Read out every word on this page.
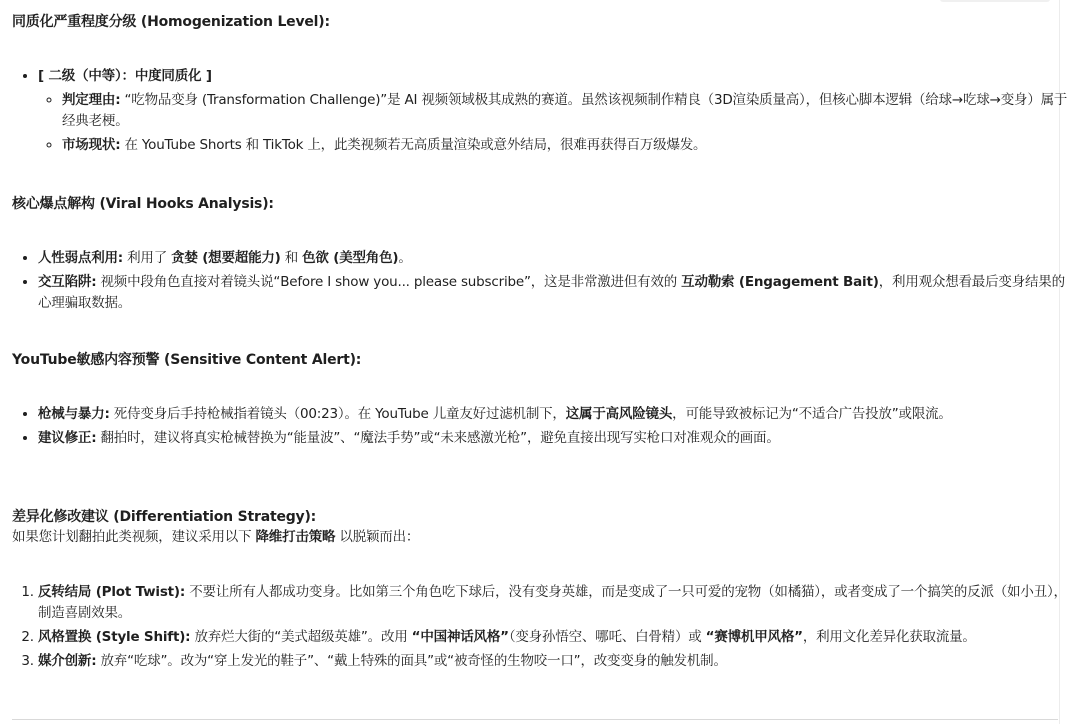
同质化严重程度分级 (Homogenization Level):
• [ 二级（中等）：中度同质化 ]
◦ 判定理由: “吃物品变身 (Transformation Challenge)”是 AI 视频领域极其成熟的赛道。虽然该视频制作精良（3D渲染质量高），但核心脚本逻辑（给球→吃球→变身）属于经典老梗。
◦ 市场现状: 在 YouTube Shorts 和 TikTok 上，此类视频若无高质量渲染或意外结局，很难再获得百万级爆发。
核心爆点解构 (Viral Hooks Analysis):
• 人性弱点利用: 利用了 贪婪 (想要超能力) 和 色欲 (美型角色)。
• 交互陷阱: 视频中段角色直接对着镜头说“Before I show you... please subscribe”，这是非常激进但有效的 互动勒索 (Engagement Bait)，利用观众想看最后变身结果的心理骗取数据。
YouTube敏感内容预警 (Sensitive Content Alert):
• 枪械与暴力: 死侍变身后手持枪械指着镜头（00:23）。在 YouTube 儿童友好过滤机制下，这属于高风险镜头，可能导致被标记为“不适合广告投放”或限流。
• 建议修正: 翻拍时，建议将真实枪械替换为“能量波”、“魔法手势”或“未来感激光枪”，避免直接出现写实枪口对准观众的画面。
差异化修改建议 (Differentiation Strategy):

如果您计划翻拍此类视频，建议采用以下 降维打击策略 以脱颖而出：

1. 反转结局 (Plot Twist): 不要让所有人都成功变身。比如第三个角色吃下球后，没有变身英雄，而是变成了一只可爱的宠物（如橘猫），或者变成了一个搞笑的反派（如小丑），制造喜剧效果。
2. 风格置换 (Style Shift): 放弃烂大街的“美式超级英雄”。改用 “中国神话风格”（变身孙悟空、哪吒、白骨精）或 “赛博机甲风格”，利用文化差异化获取流量。
3. 媒介创新: 放弃“吃球”。改为“穿上发光的鞋子”、“戴上特殊的面具”或“被奇怪的生物咬一口”，改变变身的触发机制。
